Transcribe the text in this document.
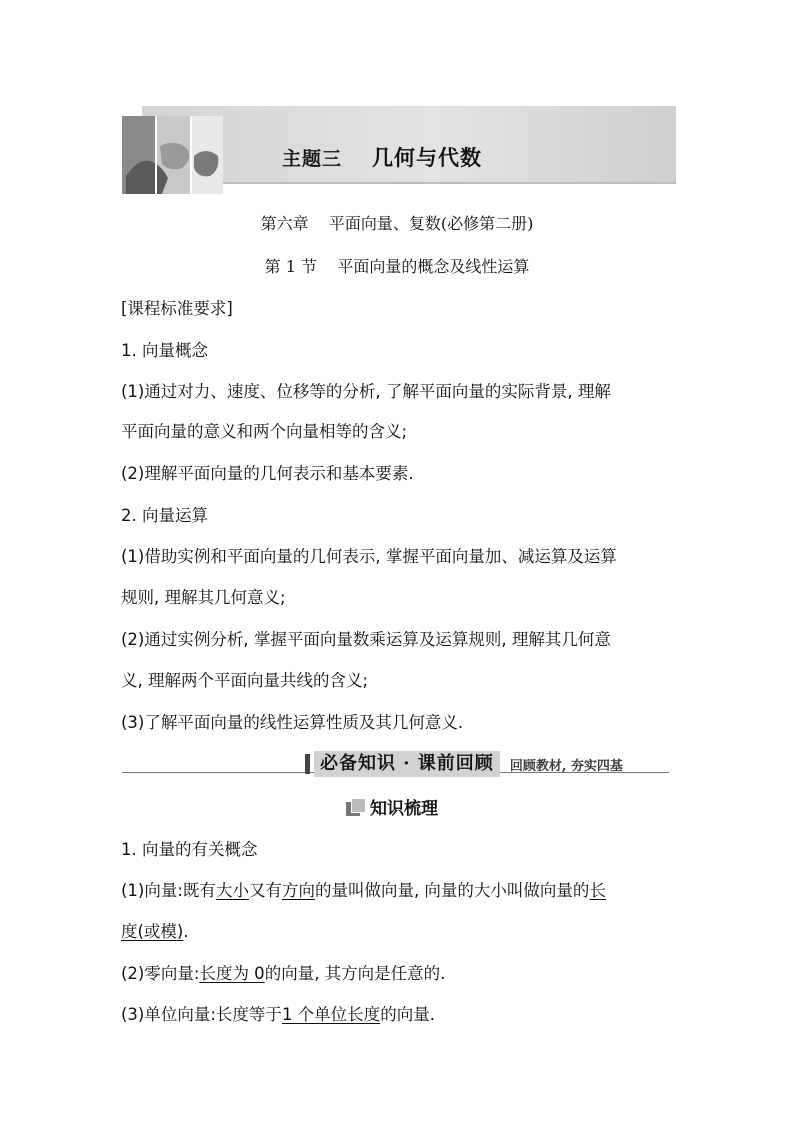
主题三 几何与代数
第六章    平面向量、复数(必修第二册)
第 1 节    平面向量的概念及线性运算
[课程标准要求]
1. 向量概念
(1)通过对力、速度、位移等的分析, 了解平面向量的实际背景, 理解
平面向量的意义和两个向量相等的含义;
(2)理解平面向量的几何表示和基本要素.
2. 向量运算
(1)借助实例和平面向量的几何表示, 掌握平面向量加、减运算及运算
规则, 理解其几何意义;
(2)通过实例分析, 掌握平面向量数乘运算及运算规则, 理解其几何意
义, 理解两个平面向量共线的含义;
(3)了解平面向量的线性运算性质及其几何意义.
必备知识 · 课前回顾	回顾教材, 夯实四基
知识梳理
1. 向量的有关概念
(1)向量:既有大小又有方向的量叫做向量, 向量的大小叫做向量的长
度(或模).
(2)零向量:长度为 0的向量, 其方向是任意的.
(3)单位向量:长度等于1 个单位长度的向量.
